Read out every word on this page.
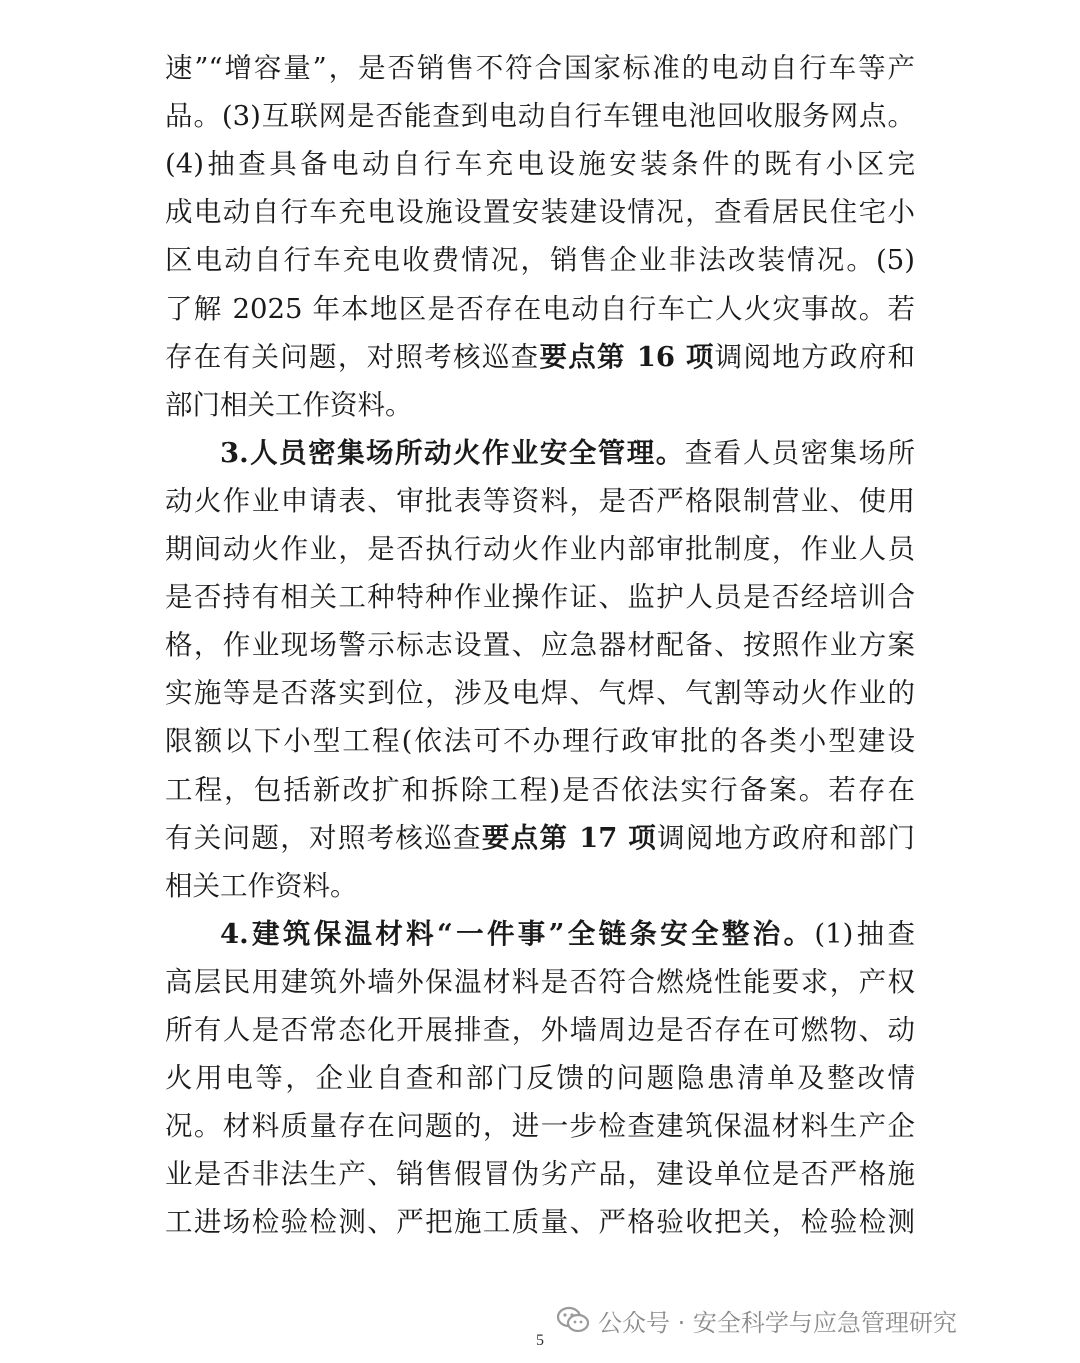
速”“增容量”，是否销售不符合国家标准的电动自行车等产
品。(3)互联网是否能查到电动自行车锂电池回收服务网点。
(4)抽查具备电动自行车充电设施安装条件的既有小区完
成电动自行车充电设施设置安装建设情况，查看居民住宅小
区电动自行车充电收费情况，销售企业非法改装情况。(5)
了解 2025 年本地区是否存在电动自行车亡人火灾事故。若
存在有关问题，对照考核巡查要点第 16 项调阅地方政府和
部门相关工作资料。
3.人员密集场所动火作业安全管理。查看人员密集场所
动火作业申请表、审批表等资料，是否严格限制营业、使用
期间动火作业，是否执行动火作业内部审批制度，作业人员
是否持有相关工种特种作业操作证、监护人员是否经培训合
格，作业现场警示标志设置、应急器材配备、按照作业方案
实施等是否落实到位，涉及电焊、气焊、气割等动火作业的
限额以下小型工程(依法可不办理行政审批的各类小型建设
工程，包括新改扩和拆除工程)是否依法实行备案。若存在
有关问题，对照考核巡查要点第 17 项调阅地方政府和部门
相关工作资料。
4.建筑保温材料“一件事”全链条安全整治。(1)抽查
高层民用建筑外墙外保温材料是否符合燃烧性能要求，产权
所有人是否常态化开展排查，外墙周边是否存在可燃物、动
火用电等，企业自查和部门反馈的问题隐患清单及整改情
况。材料质量存在问题的，进一步检查建筑保温材料生产企
业是否非法生产、销售假冒伪劣产品，建设单位是否严格施
工进场检验检测、严把施工质量、严格验收把关，检验检测
公众号 · 安全科学与应急管理研究
5
